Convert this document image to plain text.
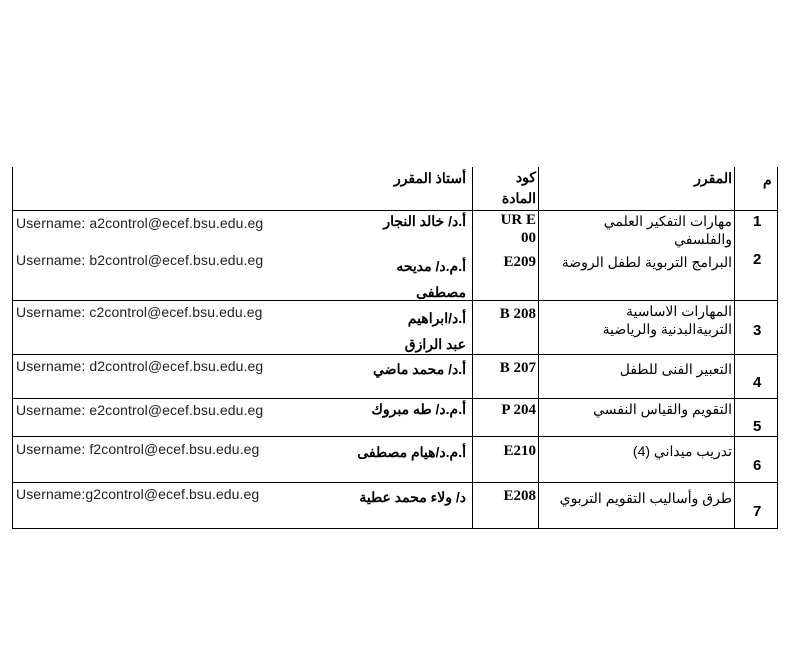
م
المقرر
كود
المادة
أستاذ المقرر
1
مهارات التفكير العلمي والفلسفي
UR E
00
أ.د/ خالد النجار
Username: a2control@ecef.bsu.edu.eg
2
البرامج التربوية لطفل الروضة
E209
أ.م.د/ مديحه مصطفى
Username: b2control@ecef.bsu.edu.eg
3
المهارات الاساسية التربيةالبدنية والرياضية
B 208
أ.د/ابراهيم عبد الرازق
Username: c2control@ecef.bsu.edu.eg
4
التعبير الفنى للطفل
B 207
أ.د/ محمد ماضي
Username: d2control@ecef.bsu.edu.eg
5
التقويم والقياس النفسي
P 204
أ.م.د/ طه مبروك
Username: e2control@ecef.bsu.edu.eg
6
تدريب ميداني (4)
E210
أ.م.د/هيام مصطفى
Username: f2control@ecef.bsu.edu.eg
7
طرق وأساليب التقويم التربوي
E208
د/ ولاء محمد عطية
Username:g2control@ecef.bsu.edu.eg
